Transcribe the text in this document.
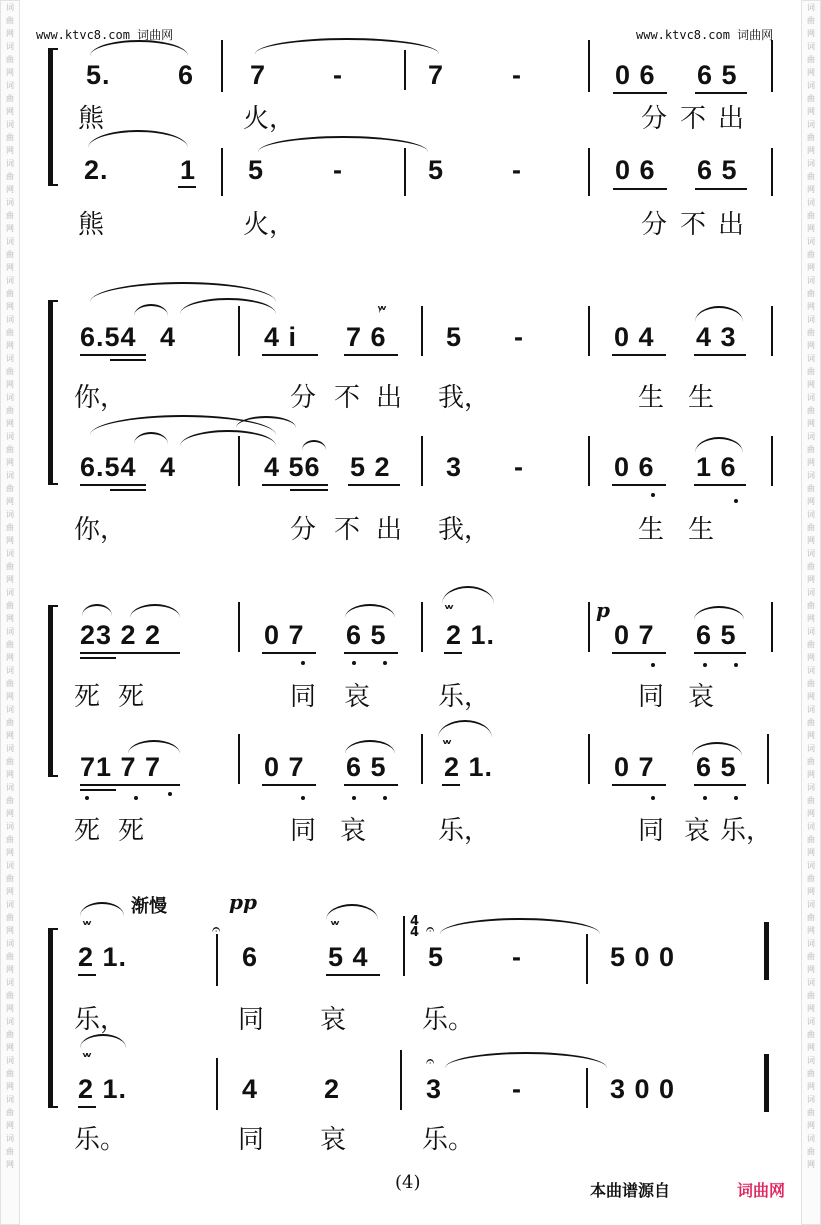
词
曲
网
词
曲
网
词
曲
网
词
曲
网
词
曲
网
词
曲
网
词
曲
网
词
曲
网
词
曲
网
词
曲
网
词
曲
网
词
曲
网
词
曲
网
词
曲
网
词
曲
网
词
曲
网
词
曲
网
词
曲
网
词
曲
网
词
曲
网
词
曲
网
词
曲
网
词
曲
网
词
曲
网
词
曲
网
词
曲
网
词
曲
网
词
曲
网
词
曲
网
词
曲
网
词
曲
网
词
曲
网
词
曲
网
词
曲
网
词
曲
网
词
曲
网
词
曲
网
词
曲
网
词
曲
网
词
曲
网
词
曲
网
词
曲
网
词
曲
网
词
曲
网
词
曲
网
词
曲
网
词
曲
网
词
曲
网
词
曲
网
词
曲
网
词
曲
网
词
曲
网
词
曲
网
词
曲
网
词
曲
网
词
曲
网
词
曲
网
词
曲
网
词
曲
网
词
曲
网
www.ktvc8.com 词曲网	www.ktvc8.com 词曲网
5. 6 7 -	7	-	0 6 6 5
熊	火，	分 不 出
2.	1 5	-	5	-	0 6 6 5
熊	火，	分 不 出
᷊ᵥᵥ
6.54 4	4 i 7 6 5 -	0 4 4 3
你，	分 不 出 我，	生 生
6.54 4	4 56 5 2 3 -	0 6 1 6
你，	分 不 出 我，	生 生
p
ᵥᵥ
ᵥᵥ
23 2 2	0 7 6 5 2 1.	0 7 6 5
死 死	同 哀	乐，	同 哀
71 7 7	0 7 6 5 2 1.	0 7 6 5
死 死	同 哀	乐，	同 哀 乐，
渐慢	pp
ᵥᵥ	ᵥᵥ
ᵥᵥ
𝄐	𝄐
𝄐
4
4
2 1.	6	5 4 5	-	5 0 0
乐，	同 哀	乐。
2 1.	4 2	3	-	3 0 0
乐。	同 哀	乐。
(4)	本曲谱源自	词曲网
